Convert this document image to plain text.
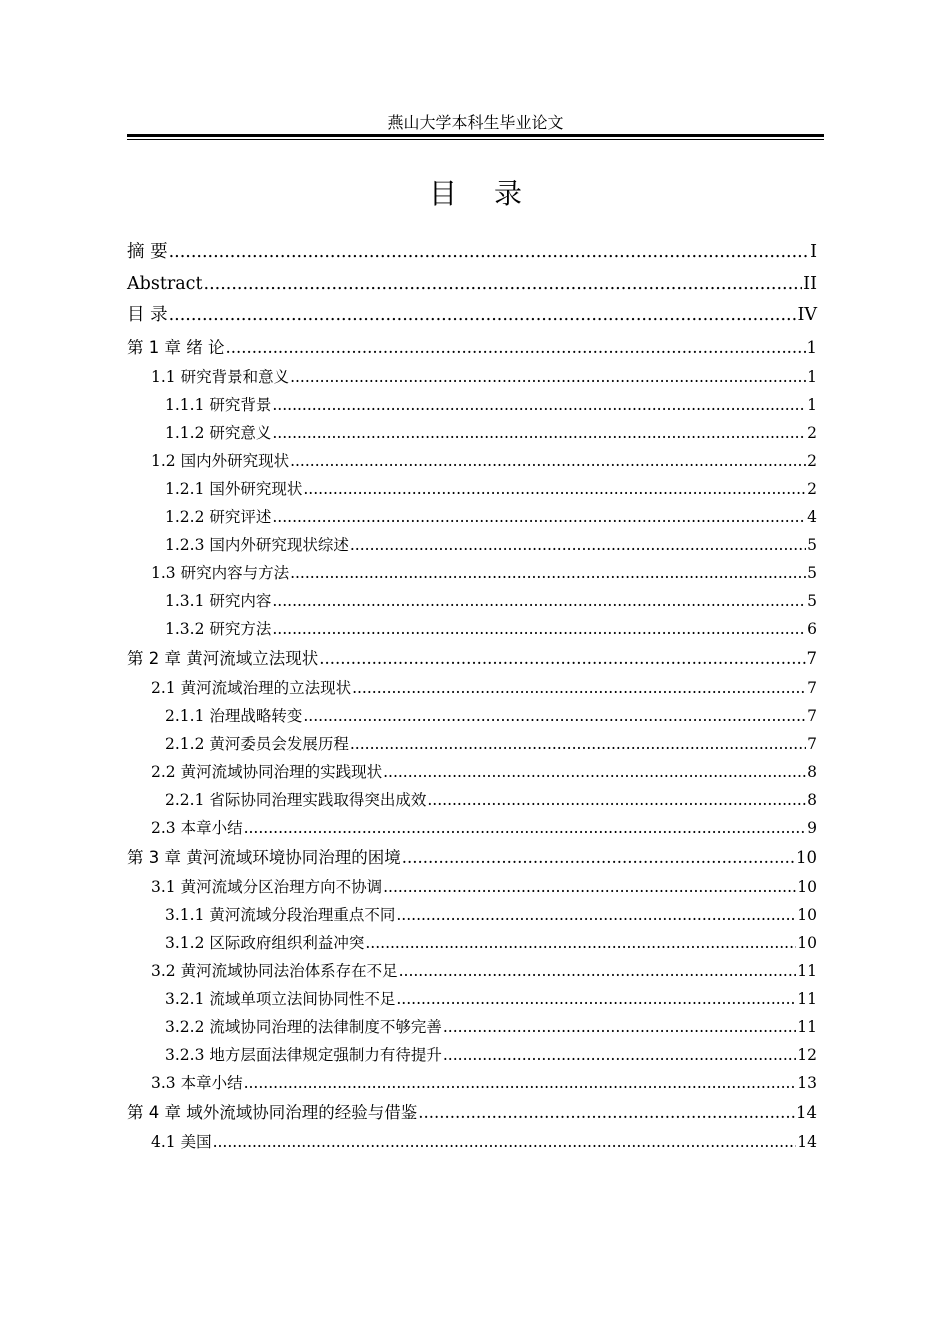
燕山大学本科生毕业论文
目 录
摘 要 .....	I
Abstract .....	II
目 录 .....	IV
第 1 章 绪 论 .....	1
1.1 研究背景和意义 .....	1
1.1.1 研究背景 .....	1
1.1.2 研究意义 .....	2
1.2 国内外研究现状 .....	2
1.2.1 国外研究现状 .....	2
1.2.2 研究评述 .....	4
1.2.3 国内外研究现状综述 .....	5
1.3 研究内容与方法 .....	5
1.3.1 研究内容 .....	5
1.3.2 研究方法 .....	6
第 2 章 黄河流域立法现状 .....	7
2.1 黄河流域治理的立法现状 .....	7
2.1.1 治理战略转变 .....	7
2.1.2 黄河委员会发展历程 .....	7
2.2 黄河流域协同治理的实践现状 .....	8
2.2.1 省际协同治理实践取得突出成效 .....	8
2.3 本章小结 .....	9
第 3 章 黄河流域环境协同治理的困境 .....	10
3.1 黄河流域分区治理方向不协调 .....	10
3.1.1 黄河流域分段治理重点不同 .....	10
3.1.2 区际政府组织利益冲突 .....	10
3.2 黄河流域协同法治体系存在不足 .....	11
3.2.1 流域单项立法间协同性不足 .....	11
3.2.2 流域协同治理的法律制度不够完善 .....	11
3.2.3 地方层面法律规定强制力有待提升 .....	12
3.3 本章小结 .....	13
第 4 章 域外流域协同治理的经验与借鉴 .....	14
4.1 美国 .....	14
